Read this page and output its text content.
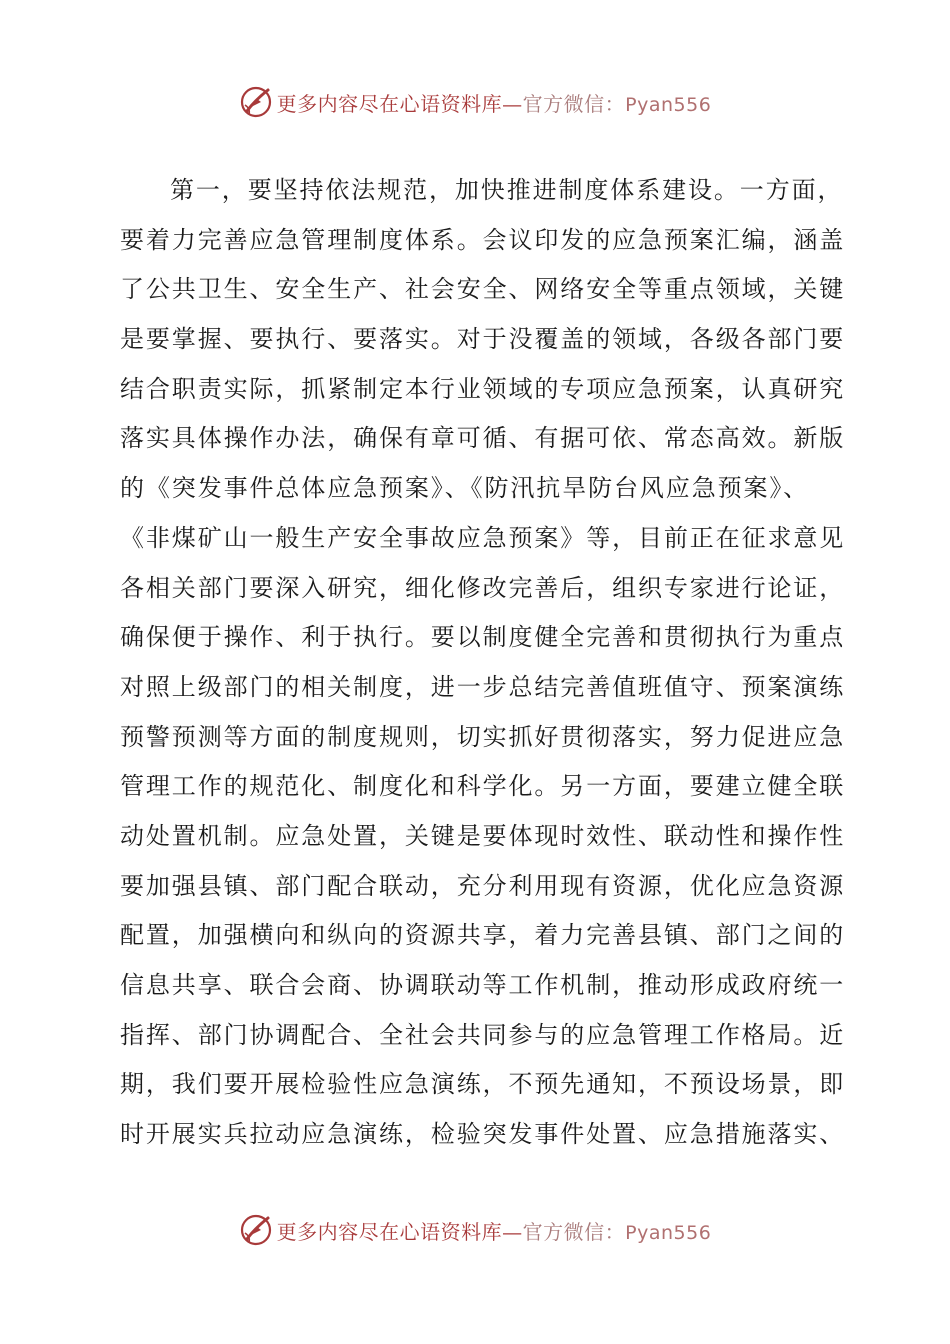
更多内容尽在心语资料库—官方微信：Pyan556
第一，要坚持依法规范，加快推进制度体系建设。一方面，
要着力完善应急管理制度体系。会议印发的应急预案汇编，涵盖
了公共卫生、安全生产、社会安全、网络安全等重点领域，关键
是要掌握、要执行、要落实。对于没覆盖的领域，各级各部门要
结合职责实际，抓紧制定本行业领域的专项应急预案，认真研究
落实具体操作办法，确保有章可循、有据可依、常态高效。新版
的《突发事件总体应急预案》、《防汛抗旱防台风应急预案》、
《非煤矿山一般生产安全事故应急预案》等，目前正在征求意见
各相关部门要深入研究，细化修改完善后，组织专家进行论证，
确保便于操作、利于执行。要以制度健全完善和贯彻执行为重点
对照上级部门的相关制度，进一步总结完善值班值守、预案演练
预警预测等方面的制度规则，切实抓好贯彻落实，努力促进应急
管理工作的规范化、制度化和科学化。另一方面，要建立健全联
动处置机制。应急处置，关键是要体现时效性、联动性和操作性
要加强县镇、部门配合联动，充分利用现有资源，优化应急资源
配置，加强横向和纵向的资源共享，着力完善县镇、部门之间的
信息共享、联合会商、协调联动等工作机制，推动形成政府统一
指挥、部门协调配合、全社会共同参与的应急管理工作格局。近
期，我们要开展检验性应急演练，不预先通知，不预设场景，即
时开展实兵拉动应急演练，检验突发事件处置、应急措施落实、
更多内容尽在心语资料库—官方微信：Pyan556
